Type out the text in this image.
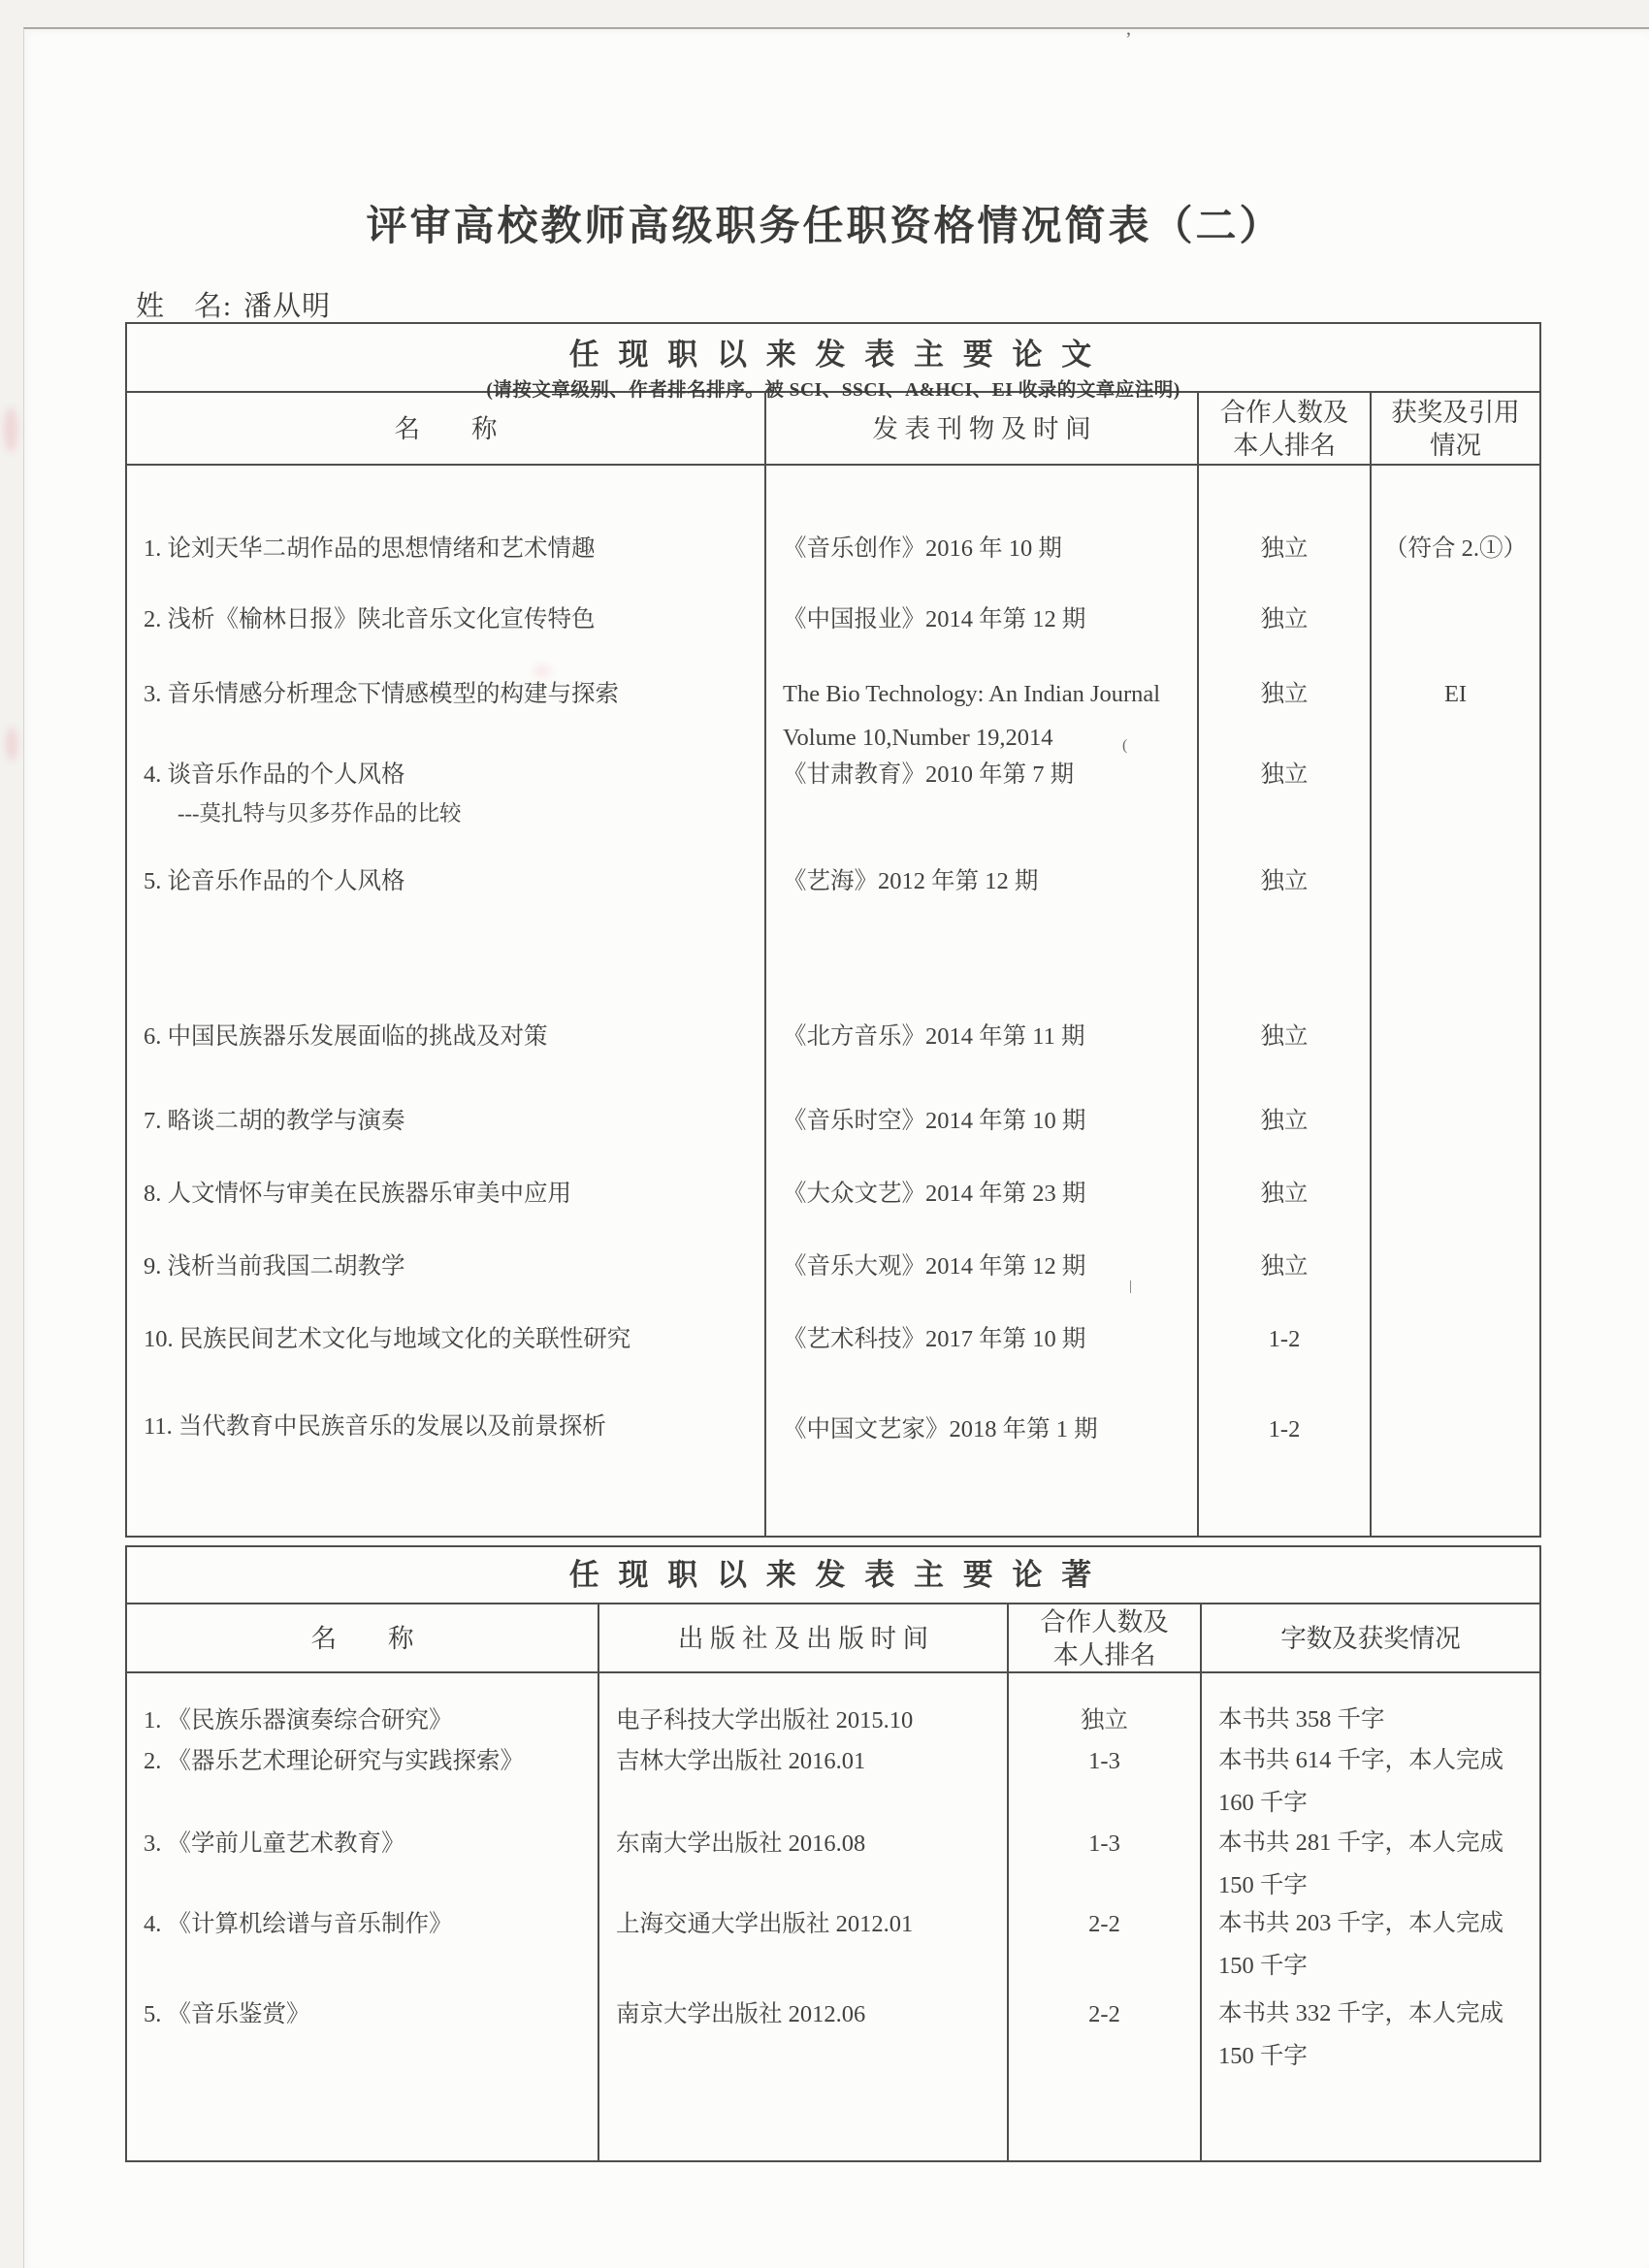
ʼ
(
|
评审高校教师高级职务任职资格情况简表（二）
姓　名: 潘从明
任 现 职 以 来 发 表 主 要 论 文
(请按文章级别、作者排名排序。被 SCI、SSCI、A&HCI、EI 收录的文章应注明)
名　　称	发 表 刊 物 及 时 间
合作人数及
本人排名
获奖及引用
情况
1. 论刘天华二胡作品的思想情绪和艺术情趣
2. 浅析《榆林日报》陕北音乐文化宣传特色
3. 音乐情感分析理念下情感模型的构建与探索
4. 谈音乐作品的个人风格
---莫扎特与贝多芬作品的比较
5. 论音乐作品的个人风格
6. 中国民族器乐发展面临的挑战及对策
7. 略谈二胡的教学与演奏
8. 人文情怀与审美在民族器乐审美中应用
9. 浅析当前我国二胡教学
10. 民族民间艺术文化与地域文化的关联性研究
11. 当代教育中民族音乐的发展以及前景探析
《音乐创作》2016 年 10 期
《中国报业》2014 年第 12 期
The Bio Technology: An Indian Journal
Volume 10,Number 19,2014
《甘肃教育》2010 年第 7 期
《艺海》2012 年第 12 期
《北方音乐》2014 年第 11 期
《音乐时空》2014 年第 10 期
《大众文艺》2014 年第 23 期
《音乐大观》2014 年第 12 期
《艺术科技》2017 年第 10 期
《中国文艺家》2018 年第 1 期
独立
独立
独立
独立
独立
独立
独立
独立
独立
1-2
1-2
（符合 2.①）
EI
任 现 职 以 来 发 表 主 要 论 著
名　　称	出 版 社 及 出 版 时 间
合作人数及
本人排名
字数及获奖情况
1. 《民族乐器演奏综合研究》
2. 《器乐艺术理论研究与实践探索》
3. 《学前儿童艺术教育》
4. 《计算机绘谱与音乐制作》
5. 《音乐鉴赏》
电子科技大学出版社 2015.10
吉林大学出版社 2016.01
东南大学出版社 2016.08
上海交通大学出版社 2012.01
南京大学出版社 2012.06
独立
1-3
1-3
2-2
2-2
本书共 358 千字
本书共 614 千字，本人完成 160 千字
本书共 281 千字，本人完成 150 千字
本书共 203 千字，本人完成 150 千字
本书共 332 千字，本人完成 150 千字
